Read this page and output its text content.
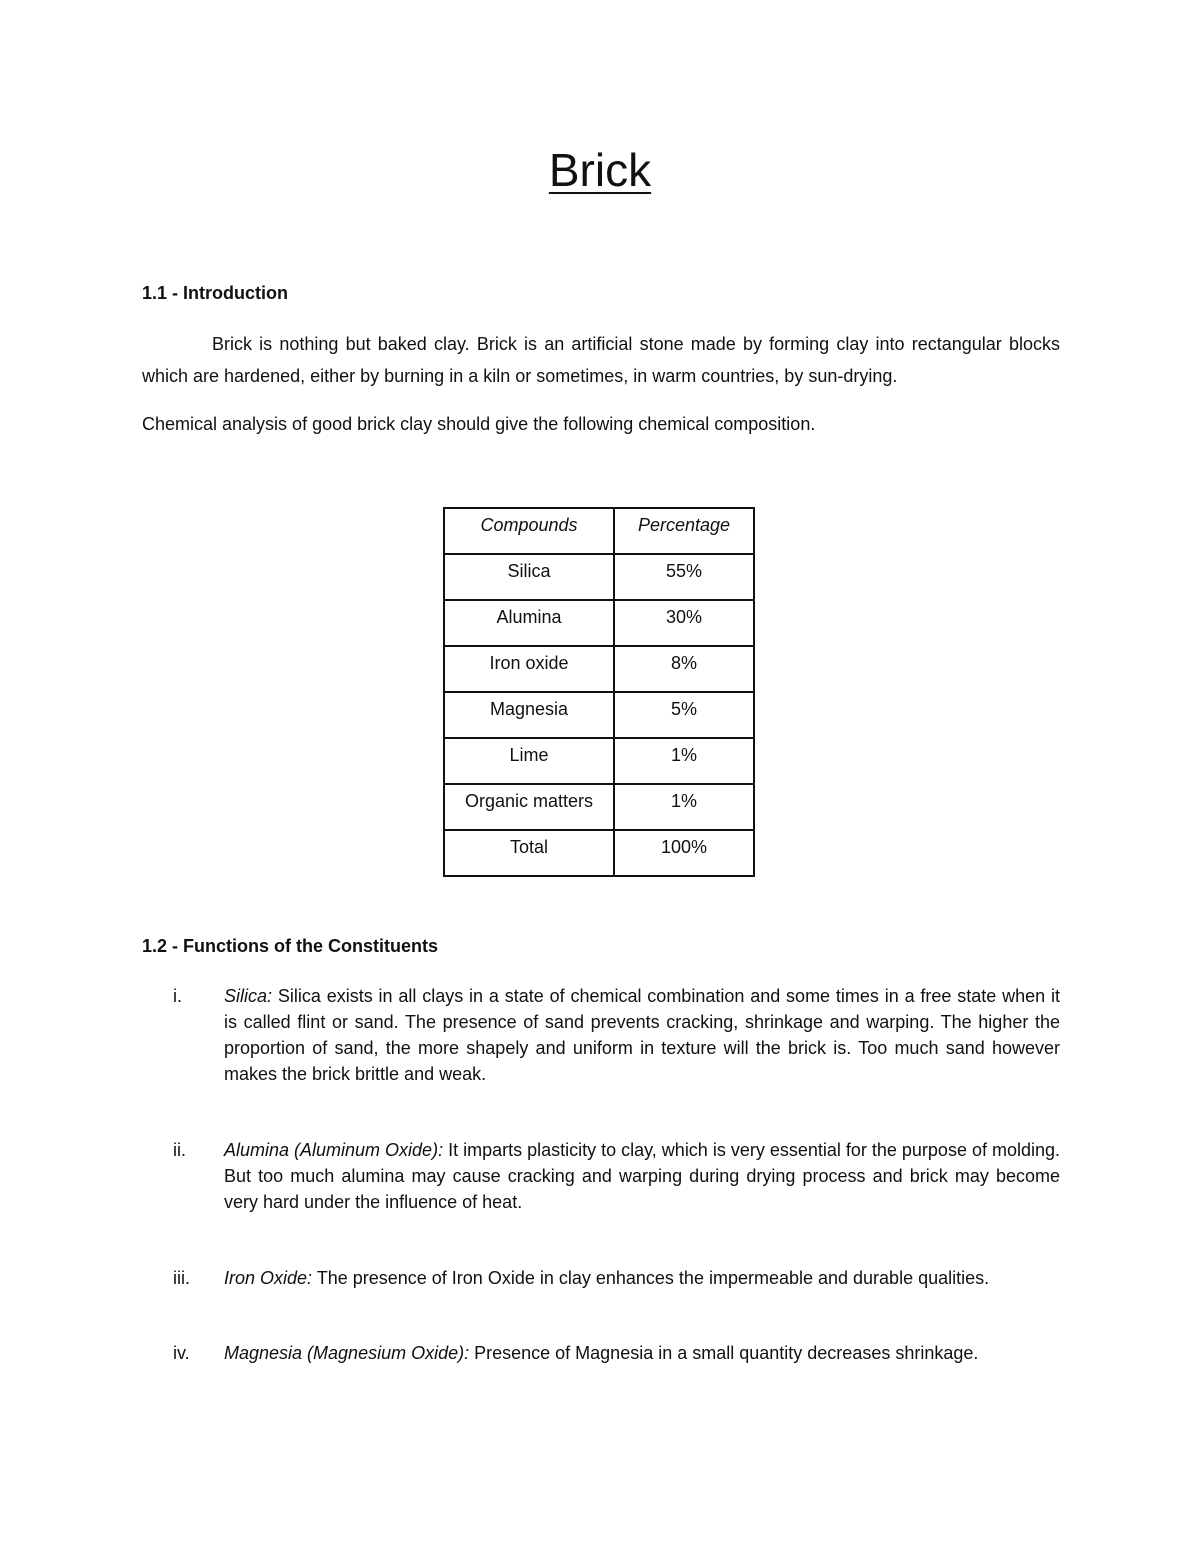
Brick
1.1 - Introduction

Brick is nothing but baked clay. Brick is an artificial stone made by forming clay into rectangular blocks which are hardened, either by burning in a kiln or sometimes, in warm countries, by sun-drying.

Chemical analysis of good brick clay should give the following chemical composition.

Compounds	Percentage
Silica	55%
Alumina	30%
Iron oxide	8%
Magnesia	5%
Lime	1%
Organic matters	1%
Total	100%
1.2 - Functions of the Constituents
i. Silica: Silica exists in all clays in a state of chemical combination and some times in a free state when it is called flint or sand. The presence of sand prevents cracking, shrinkage and warping. The higher the proportion of sand, the more shapely and uniform in texture will the brick is. Too much sand however makes the brick brittle and weak.

ii. Alumina (Aluminum Oxide): It imparts plasticity to clay, which is very essential for the purpose of molding. But too much alumina may cause cracking and warping during drying process and brick may become very hard under the influence of heat.

iii. Iron Oxide: The presence of Iron Oxide in clay enhances the impermeable and durable qualities.

iv. Magnesia (Magnesium Oxide): Presence of Magnesia in a small quantity decreases shrinkage.
